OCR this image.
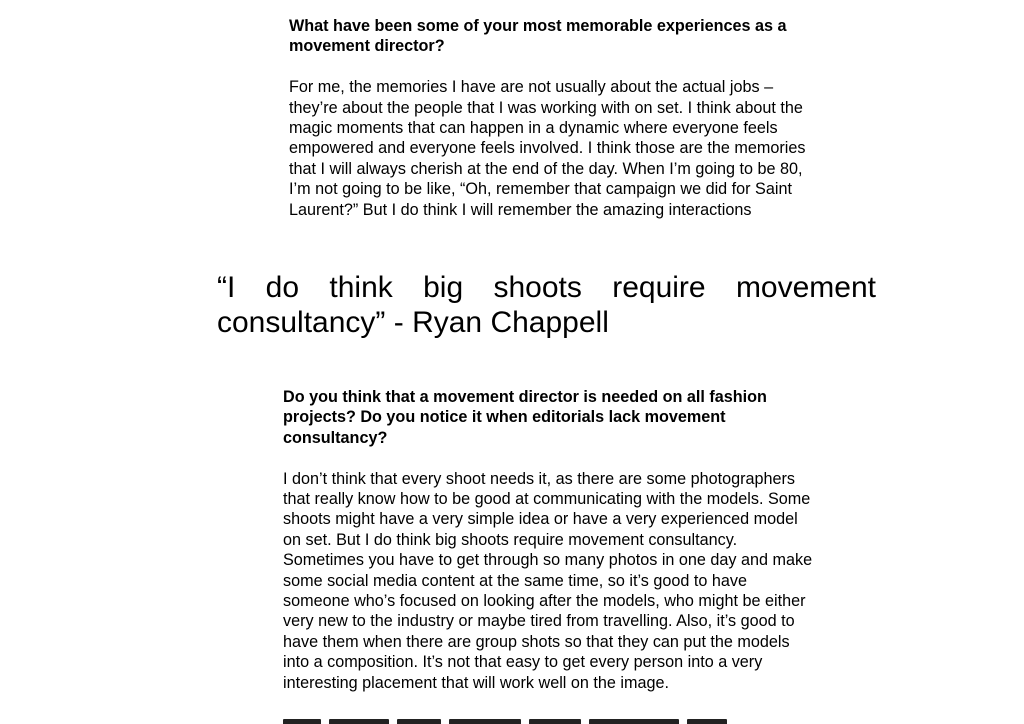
What have been some of your most memorable experiences as a movement director?

For me, the memories I have are not usually about the actual jobs – they’re about the people that I was working with on set. I think about the magic moments that can happen in a dynamic where everyone feels empowered and everyone feels involved. I think those are the memories that I will always cherish at the end of the day. When I’m going to be 80, I’m not going to be like, “Oh, remember that campaign we did for Saint Laurent?” But I do think I will remember the amazing interactions

“I do think big shoots require movement consultancy” - Ryan Chappell

Do you think that a movement director is needed on all fashion projects? Do you notice it when editorials lack movement consultancy?

I don’t think that every shoot needs it, as there are some photographers that really know how to be good at communicating with the models. Some shoots might have a very simple idea or have a very experienced model on set. But I do think big shoots require movement consultancy. Sometimes you have to get through so many photos in one day and make some social media content at the same time, so it’s good to have someone who’s focused on looking after the models, who might be either very new to the industry or maybe tired from travelling. Also, it’s good to have them when there are group shots so that they can put the models into a composition. It’s not that easy to get every person into a very interesting placement that will work well on the image.
